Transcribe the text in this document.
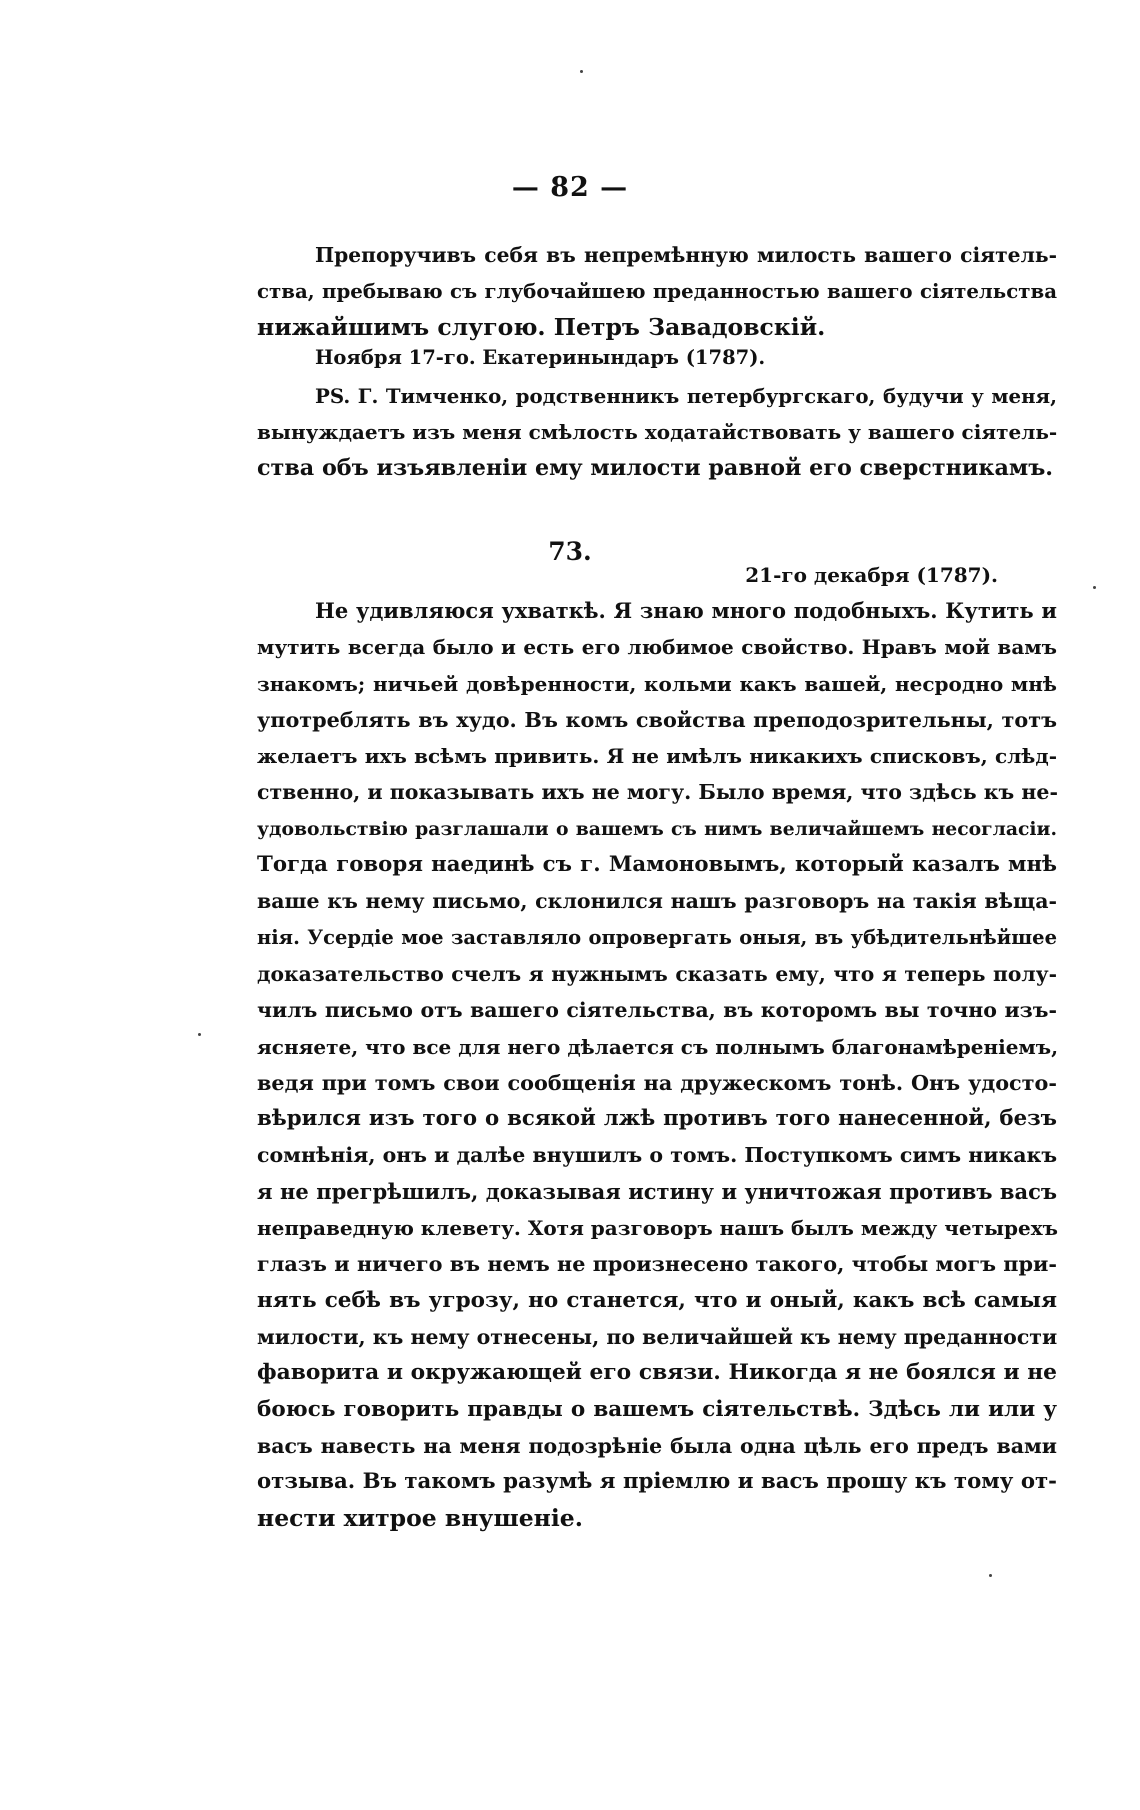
— 82 —
Препоручивъ себя въ непремѣнную милость вашего сіятель-
ства, пребываю съ глубочайшею преданностью вашего сіятельства
нижайшимъ слугою. Петръ Завадовскій.
Ноября 17-го. Екатеринындаръ (1787).
PS. Г. Тимченко, родственникъ петербургскаго, будучи у меня,
вынуждаетъ изъ меня смѣлость ходатайствовать у вашего сіятель-
ства объ изъявленіи ему милости равной его сверстникамъ.
73.
21-го декабря (1787).
Не удивляюся ухваткѣ. Я знаю много подобныхъ. Кутить и
мутить всегда было и есть его любимое свойство. Нравъ мой вамъ
знакомъ; ничьей довѣренности, кольми какъ вашей, несродно мнѣ
употреблять въ худо. Въ комъ свойства преподозрительны, тотъ
желаетъ ихъ всѣмъ привить. Я не имѣлъ никакихъ списковъ, слѣд-
ственно, и показывать ихъ не могу. Было время, что здѣсь къ не-
удовольствію разглашали о вашемъ съ нимъ величайшемъ несогласіи.
Тогда говоря наединѣ съ г. Мамоновымъ, который казалъ мнѣ
ваше къ нему письмо, склонился нашъ разговоръ на такія вѣща-
нія. Усердіе мое заставляло опровергать оныя, въ убѣдительнѣйшее
доказательство счелъ я нужнымъ сказать ему, что я теперь полу-
чилъ письмо отъ вашего сіятельства, въ которомъ вы точно изъ-
ясняете, что все для него дѣлается съ полнымъ благонамѣреніемъ,
ведя при томъ свои сообщенія на дружескомъ тонѣ. Онъ удосто-
вѣрился изъ того о всякой лжѣ противъ того нанесенной, безъ
сомнѣнія, онъ и далѣе внушилъ о томъ. Поступкомъ симъ никакъ
я не прегрѣшилъ, доказывая истину и уничтожая противъ васъ
неправедную клевету. Хотя разговоръ нашъ былъ между четырехъ
глазъ и ничего въ немъ не произнесено такого, чтобы могъ при-
нять себѣ въ угрозу, но станется, что и оный, какъ всѣ самыя
милости, къ нему отнесены, по величайшей къ нему преданности
фаворита и окружающей его связи. Никогда я не боялся и не
боюсь говорить правды о вашемъ сіятельствѣ. Здѣсь ли или у
васъ навесть на меня подозрѣніе была одна цѣль его предъ вами
отзыва. Въ такомъ разумѣ я пріемлю и васъ прошу къ тому от-
нести хитрое внушеніе.
